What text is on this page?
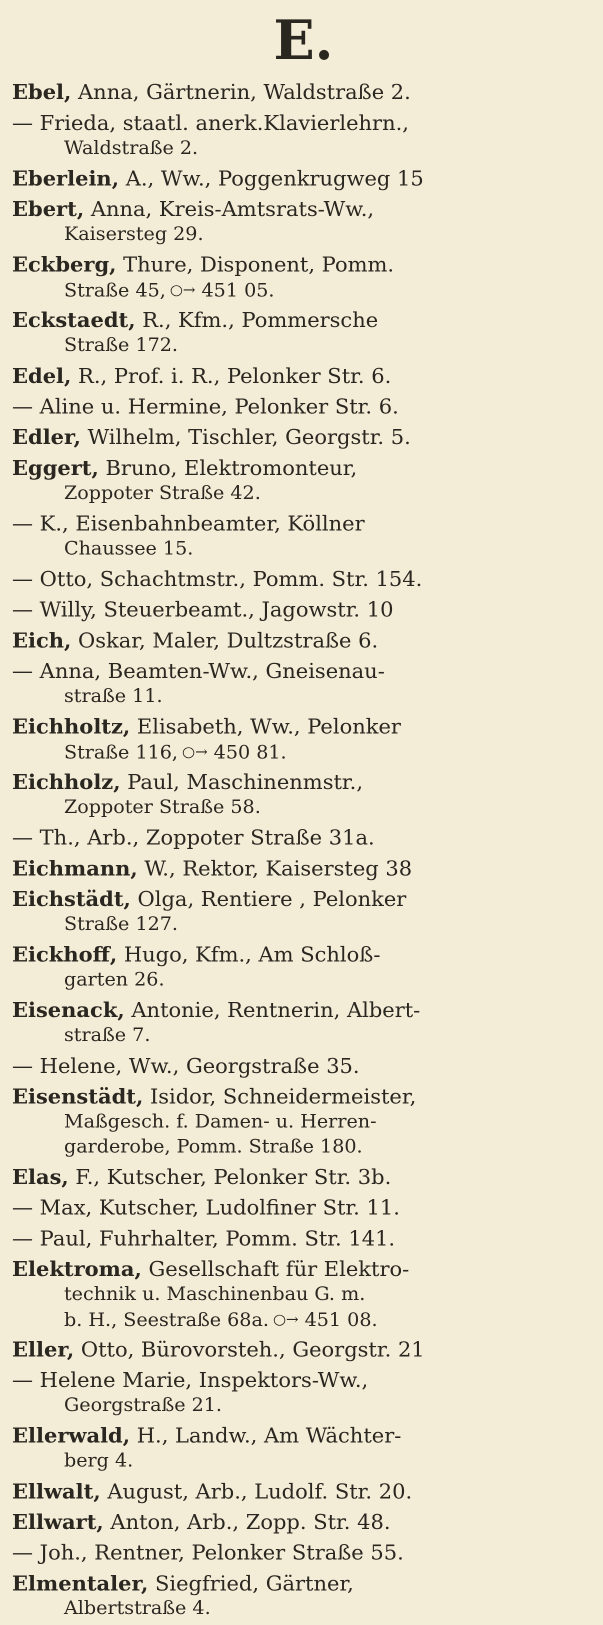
E.
Ebel, Anna, Gärtnerin, Waldstraße 2.
— Frieda, staatl. anerk.Klavierlehrn.,
Waldstraße 2.
Eberlein, A., Ww., Poggenkrugweg 15
Ebert, Anna, Kreis-Amtsrats-Ww.,
Kaisersteg 29.
Eckberg, Thure, Disponent, Pomm.
Straße 45, ○→ 451 05.
Eckstaedt, R., Kfm., Pommersche
Straße 172.
Edel, R., Prof. i. R., Pelonker Str. 6.
— Aline u. Hermine, Pelonker Str. 6.
Edler, Wilhelm, Tischler, Georgstr. 5.
Eggert, Bruno, Elektromonteur,
Zoppoter Straße 42.
— K., Eisenbahnbeamter, Köllner
Chaussee 15.
— Otto, Schachtmstr., Pomm. Str. 154.
— Willy, Steuerbeamt., Jagowstr. 10
Eich, Oskar, Maler, Dultzstraße 6.
— Anna, Beamten-Ww., Gneisenau-
straße 11.
Eichholtz, Elisabeth, Ww., Pelonker
Straße 116, ○→ 450 81.
Eichholz, Paul, Maschinenmstr.,
Zoppoter Straße 58.
— Th., Arb., Zoppoter Straße 31a.
Eichmann, W., Rektor, Kaisersteg 38
Eichstädt, Olga, Rentiere , Pelonker
Straße 127.
Eickhoff, Hugo, Kfm., Am Schloß-
garten 26.
Eisenack, Antonie, Rentnerin, Albert-
straße 7.
— Helene, Ww., Georgstraße 35.
Eisenstädt, Isidor, Schneidermeister,
Maßgesch. f. Damen- u. Herren-
garderobe, Pomm. Straße 180.
Elas, F., Kutscher, Pelonker Str. 3b.
— Max, Kutscher, Ludolfiner Str. 11.
— Paul, Fuhrhalter, Pomm. Str. 141.
Elektroma, Gesellschaft für Elektro-
technik u. Maschinenbau G. m.
b. H., Seestraße 68a. ○→ 451 08.
Eller, Otto, Bürovorsteh., Georgstr. 21
— Helene Marie, Inspektors-Ww.,
Georgstraße 21.
Ellerwald, H., Landw., Am Wächter-
berg 4.
Ellwalt, August, Arb., Ludolf. Str. 20.
Ellwart, Anton, Arb., Zopp. Str. 48.
— Joh., Rentner, Pelonker Straße 55.
Elmentaler, Siegfried, Gärtner,
Albertstraße 4.
